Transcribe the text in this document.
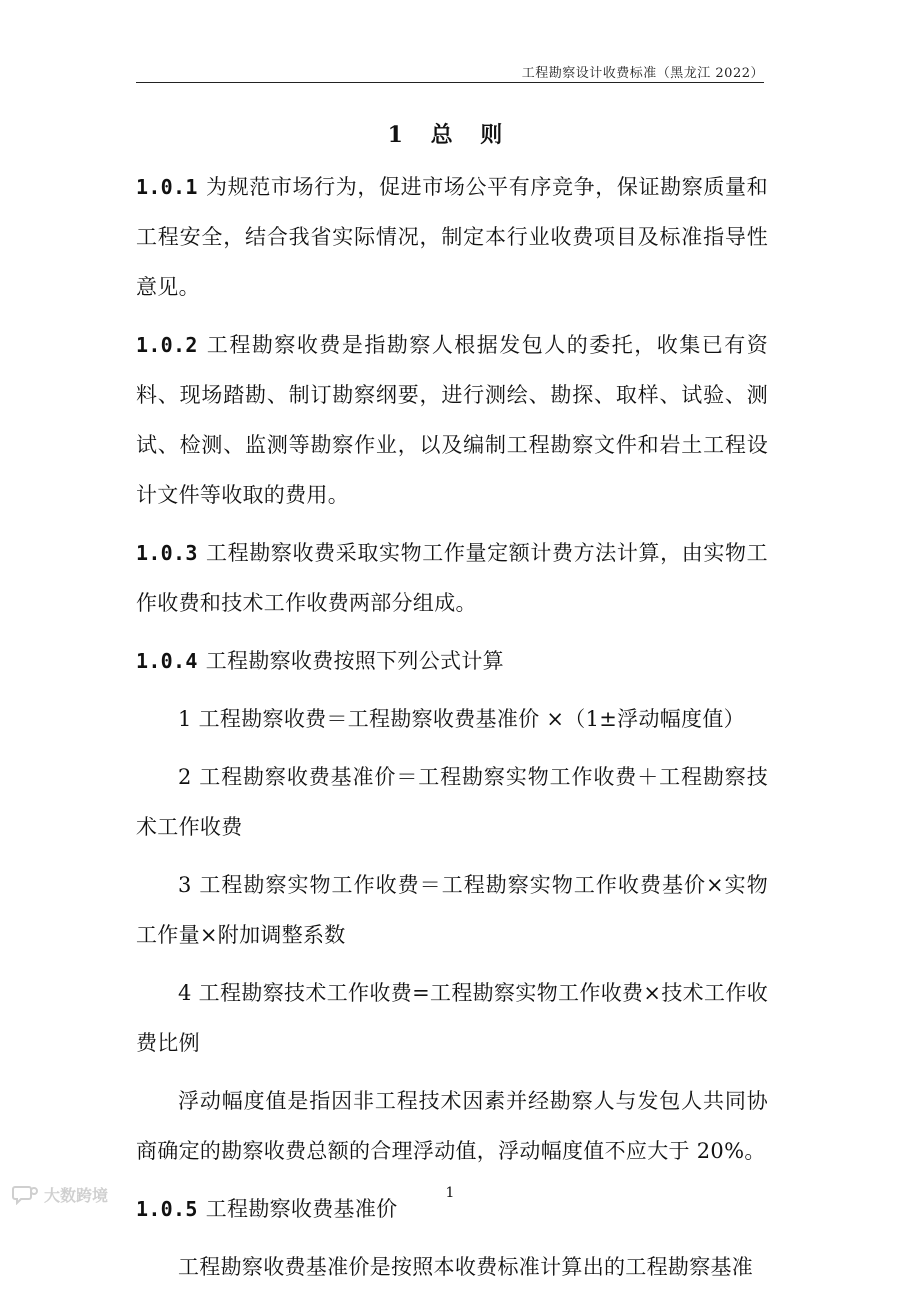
工程勘察设计收费标准（黑龙江 2022）
1 总 则

1.0.1 为规范市场行为，促进市场公平有序竞争，保证勘察质量和工程安全，结合我省实际情况，制定本行业收费项目及标准指导性意见。

1.0.2 工程勘察收费是指勘察人根据发包人的委托，收集已有资料、现场踏勘、制订勘察纲要，进行测绘、勘探、取样、试验、测试、检测、监测等勘察作业，以及编制工程勘察文件和岩土工程设计文件等收取的费用。

1.0.3 工程勘察收费采取实物工作量定额计费方法计算，由实物工作收费和技术工作收费两部分组成。

1.0.4 工程勘察收费按照下列公式计算

1 工程勘察收费＝工程勘察收费基准价 ×（1±浮动幅度值）

2 工程勘察收费基准价＝工程勘察实物工作收费＋工程勘察技术工作收费

3 工程勘察实物工作收费＝工程勘察实物工作收费基价×实物工作量×附加调整系数

4 工程勘察技术工作收费=工程勘察实物工作收费×技术工作收费比例

浮动幅度值是指因非工程技术因素并经勘察人与发包人共同协商确定的勘察收费总额的合理浮动值，浮动幅度值不应大于 20%。

1.0.5 工程勘察收费基准价

工程勘察收费基准价是按照本收费标准计算出的工程勘察基准

1
大数跨境
